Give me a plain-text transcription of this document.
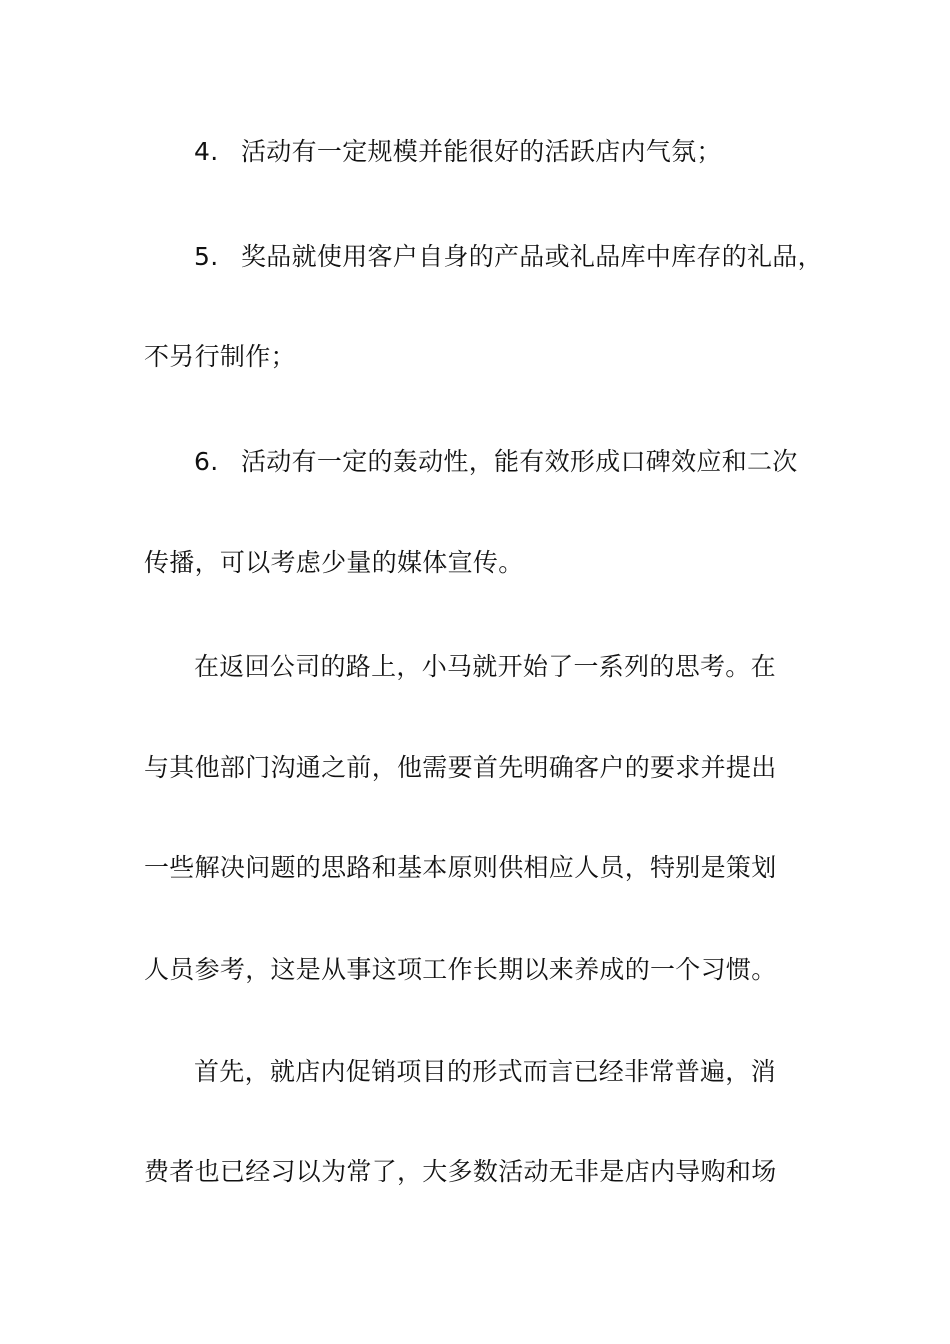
4. 活动有一定规模并能很好的活跃店内气氛；

5. 奖品就使用客户自身的产品或礼品库中库存的礼品，

不另行制作；

6. 活动有一定的轰动性，能有效形成口碑效应和二次

传播，可以考虑少量的媒体宣传。

在返回公司的路上，小马就开始了一系列的思考。在

与其他部门沟通之前，他需要首先明确客户的要求并提出

一些解决问题的思路和基本原则供相应人员，特别是策划

人员参考，这是从事这项工作长期以来养成的一个习惯。

首先，就店内促销项目的形式而言已经非常普遍，消

费者也已经习以为常了，大多数活动无非是店内导购和场
